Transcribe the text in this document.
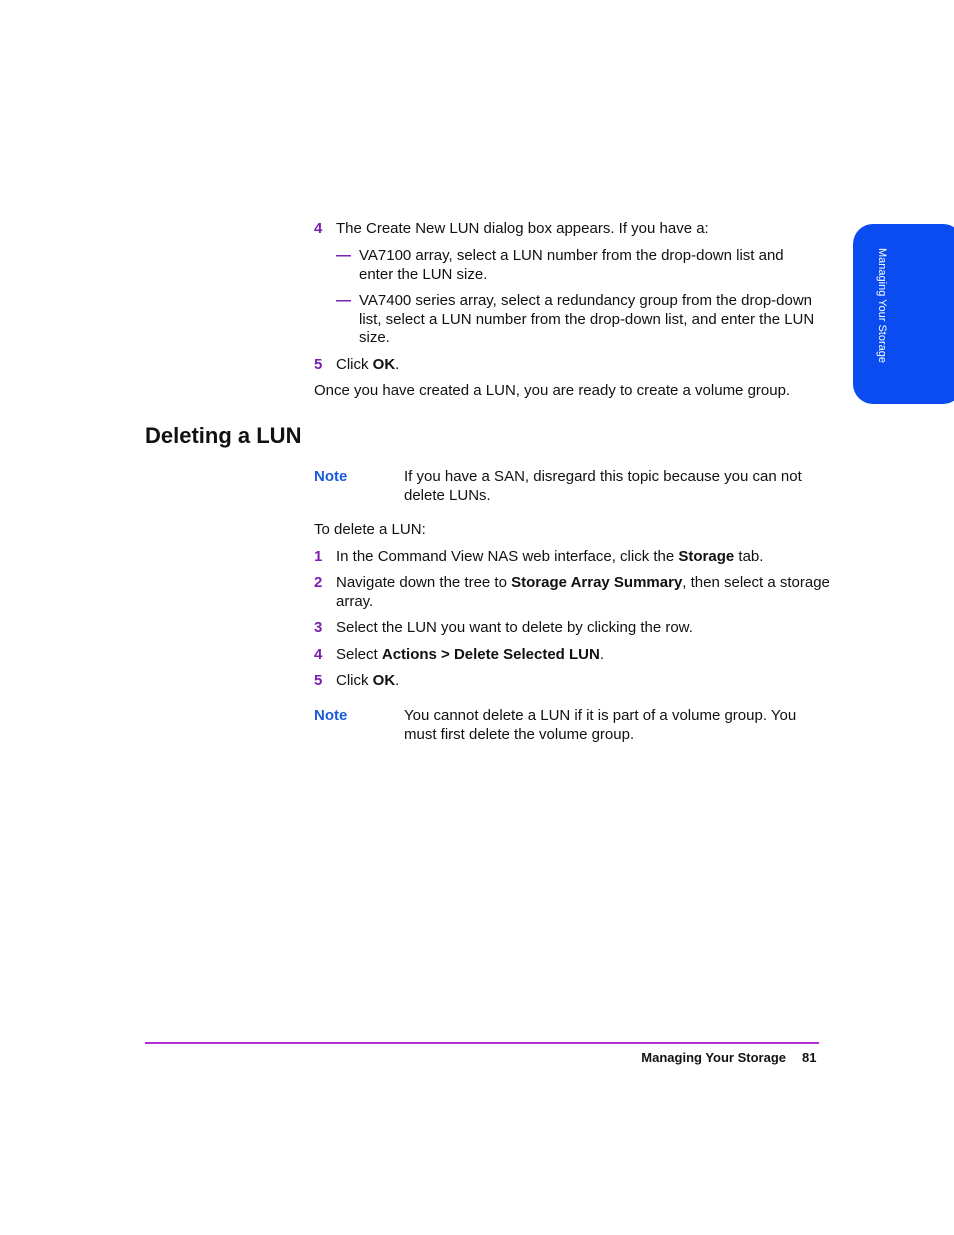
Managing Your Storage
4 The Create New LUN dialog box appears. If you have a:
— VA7100 array, select a LUN number from the drop-down list and
enter the LUN size.
— VA7400 series array, select a redundancy group from the drop-down
list, select a LUN number from the drop-down list, and enter the LUN
size.
5 Click OK.
Once you have created a LUN, you are ready to create a volume group.
Deleting a LUN
Note	If you have a SAN, disregard this topic because you can not
delete LUNs.
To delete a LUN:
1 In the Command View NAS web interface, click the Storage tab.
2 Navigate down the tree to Storage Array Summary, then select a storage
array.
3 Select the LUN you want to delete by clicking the row.
4 Select Actions > Delete Selected LUN.
5 Click OK.
Note	You cannot delete a LUN if it is part of a volume group. You
must first delete the volume group.
Managing Your Storage 81
